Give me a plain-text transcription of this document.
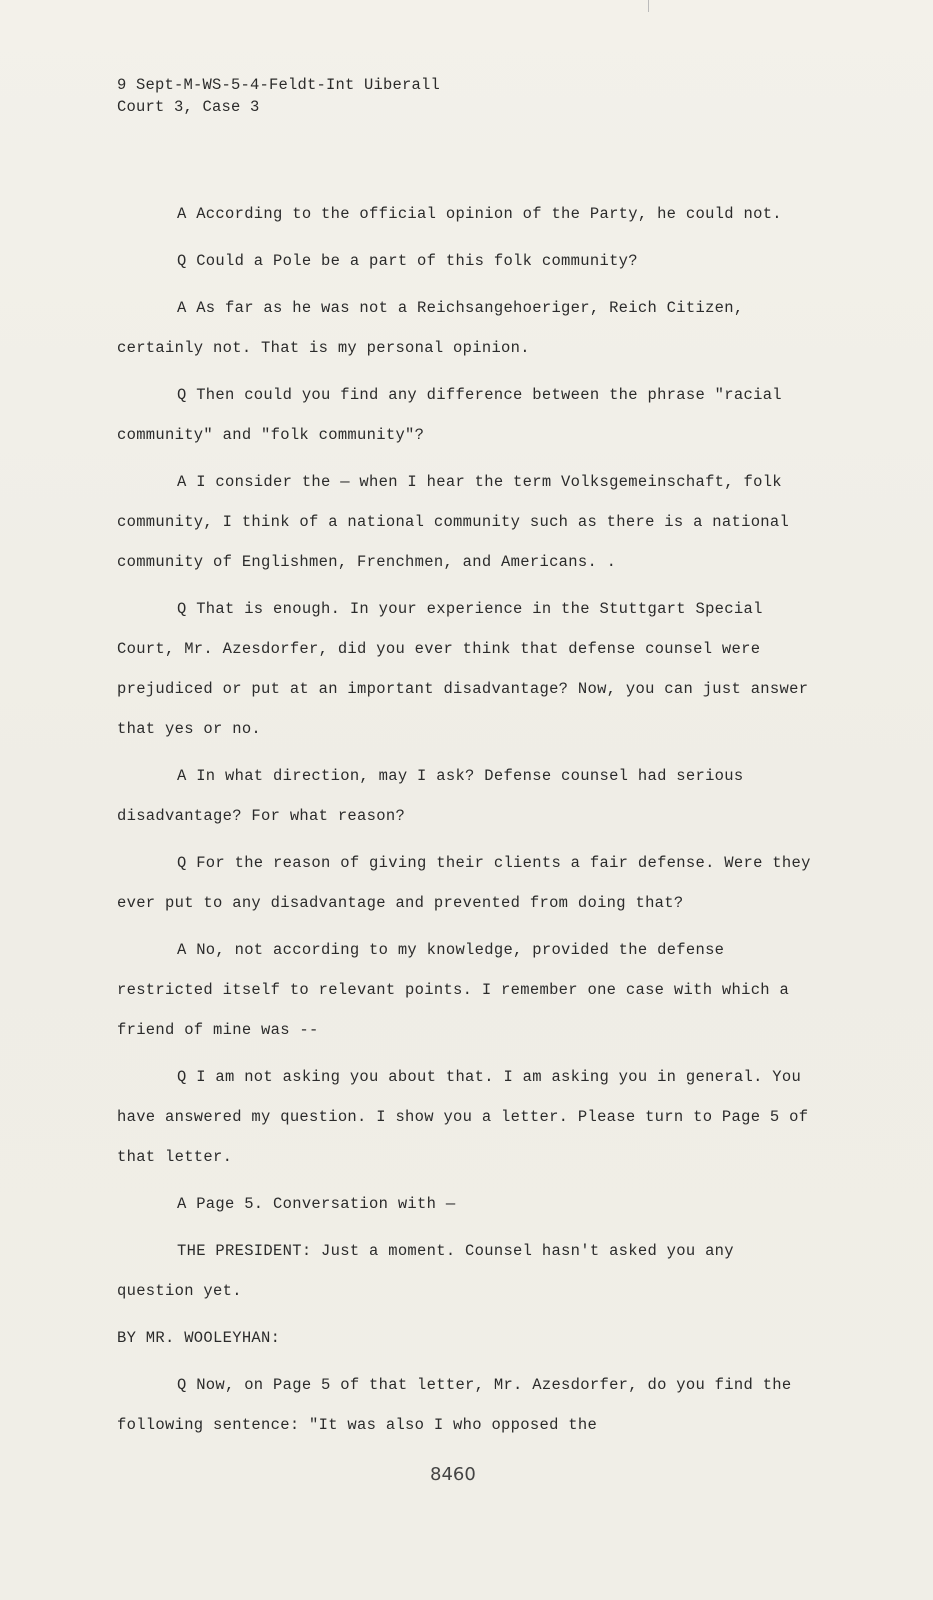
9 Sept-M-WS-5-4-Feldt-Int Uiberall
Court 3, Case 3

A According to the official opinion of the Party, he could not.

Q Could a Pole be a part of this folk community?

A As far as he was not a Reichsangehoeriger, Reich Citizen, certainly not. That is my personal opinion.

Q Then could you find any difference between the phrase "racial community" and "folk community"?

A I consider the — when I hear the term Volksgemeinschaft, folk community, I think of a national community such as there is a national community of Englishmen, Frenchmen, and Americans. .

Q That is enough. In your experience in the Stuttgart Special Court, Mr. Azesdorfer, did you ever think that defense counsel were prejudiced or put at an important disadvantage? Now, you can just answer that yes or no.

A In what direction, may I ask? Defense counsel had serious disadvantage? For what reason?

Q For the reason of giving their clients a fair defense. Were they ever put to any disadvantage and prevented from doing that?

A No, not according to my knowledge, provided the defense restricted itself to relevant points. I remember one case with which a friend of mine was --

Q I am not asking you about that. I am asking you in general. You have answered my question. I show you a letter. Please turn to Page 5 of that letter.

A Page 5. Conversation with —

THE PRESIDENT: Just a moment. Counsel hasn't asked you any question yet.

BY MR. WOOLEYHAN:

Q Now, on Page 5 of that letter, Mr. Azesdorfer, do you find the following sentence: "It was also I who opposed the

8460
